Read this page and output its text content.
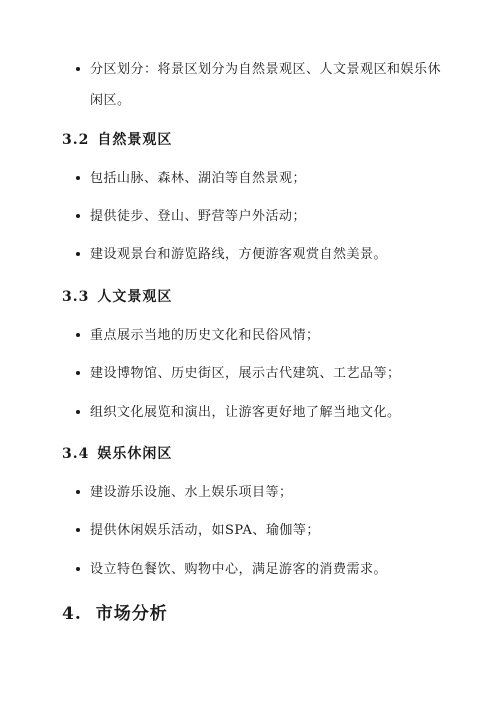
分区划分：将景区划分为自然景观区、人文景观区和娱乐休
闲区。
3.2 自然景观区
包括山脉、森林、湖泊等自然景观；
提供徒步、登山、野营等户外活动；
建设观景台和游览路线，方便游客观赏自然美景。
3.3 人文景观区
重点展示当地的历史文化和民俗风情；
建设博物馆、历史街区，展示古代建筑、工艺品等；
组织文化展览和演出，让游客更好地了解当地文化。
3.4 娱乐休闲区
建设游乐设施、水上娱乐项目等；
提供休闲娱乐活动，如SPA、瑜伽等；
设立特色餐饮、购物中心，满足游客的消费需求。
4. 市场分析
